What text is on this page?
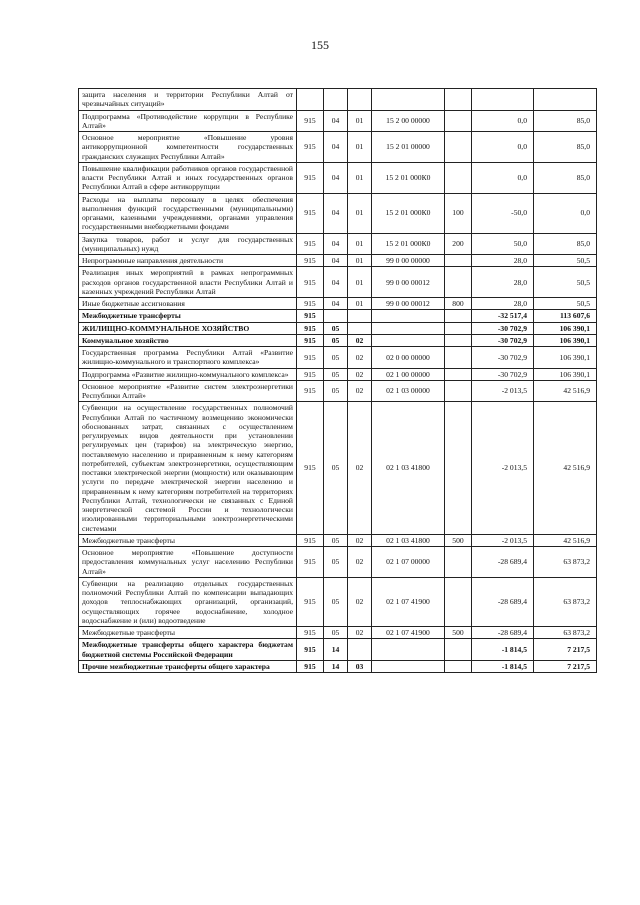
155
защита населения и территории Республики Алтай от чрезвычайных ситуаций»							
Подпрограмма «Противодействие коррупции в Республике Алтай»	915	04	01	15 2 00 00000		0,0	85,0
Основное мероприятие «Повышение уровня антикоррупционной компетентности государственных гражданских служащих Республики Алтай»	915	04	01	15 2 01 00000		0,0	85,0
Повышение квалификации работников органов государственной власти Республики Алтай и иных государственных органов Республики Алтай в сфере антикоррупции	915	04	01	15 2 01 000К0		0,0	85,0
Расходы на выплаты персоналу в целях обеспечения выполнения функций государственными (муниципальными) органами, казенными учреждениями, органами управления государственными внебюджетными фондами	915	04	01	15 2 01 000К0	100	-50,0	0,0
Закупка товаров, работ и услуг для государственных (муниципальных) нужд	915	04	01	15 2 01 000К0	200	50,0	85,0
Непрограммные направления деятельности	915	04	01	99 0 00 00000		28,0	50,5
Реализация иных мероприятий в рамках непрограммных расходов органов государственной власти Республики Алтай и казенных учреждений Республики Алтай	915	04	01	99 0 00 00012		28,0	50,5
Иные бюджетные ассигнования	915	04	01	99 0 00 00012	800	28,0	50,5
Межбюджетные трансферты	915					-32 517,4	113 607,6
ЖИЛИЩНО-КОММУНАЛЬНОЕ ХОЗЯЙСТВО	915	05				-30 702,9	106 390,1
Коммунальное хозяйство	915	05	02			-30 702,9	106 390,1
Государственная программа Республики Алтай «Развитие жилищно-коммунального и транспортного комплекса»	915	05	02	02 0 00 00000		-30 702,9	106 390,1
Подпрограмма «Развитие жилищно-коммунального комплекса»	915	05	02	02 1 00 00000		-30 702,9	106 390,1
Основное мероприятие «Развитие систем электроэнергетики Республики Алтай»	915	05	02	02 1 03 00000		-2 013,5	42 516,9
Субвенции на осуществление государственных полномочий Республики Алтай по частичному возмещению экономически обоснованных затрат, связанных с осуществлением регулируемых видов деятельности при установлении регулируемых цен (тарифов) на электрическую энергию, поставляемую населению и приравненным к нему категориям потребителей, субъектам электроэнергетики, осуществляющим поставки электрической энергии (мощности) или оказывающим услуги по передаче электрической энергии населению и приравненным к нему категориям потребителей на территориях Республики Алтай, технологически не связанных с Единой энергетической системой России и технологически изолированными территориальными электроэнергетическими системами	915	05	02	02 1 03 41800		-2 013,5	42 516,9
Межбюджетные трансферты	915	05	02	02 1 03 41800	500	-2 013,5	42 516,9
Основное мероприятие «Повышение доступности предоставления коммунальных услуг населению Республики Алтай»	915	05	02	02 1 07 00000		-28 689,4	63 873,2
Субвенции на реализацию отдельных государственных полномочий Республики Алтай по компенсации выпадающих доходов теплоснабжающих организаций, организаций, осуществляющих горячее водоснабжение, холодное водоснабжение и (или) водоотведение	915	05	02	02 1 07 41900		-28 689,4	63 873,2
Межбюджетные трансферты	915	05	02	02 1 07 41900	500	-28 689,4	63 873,2
Межбюджетные трансферты общего характера бюджетам бюджетной системы Российской Федерации	915	14				-1 814,5	7 217,5
Прочие межбюджетные трансферты общего характера	915	14	03			-1 814,5	7 217,5
